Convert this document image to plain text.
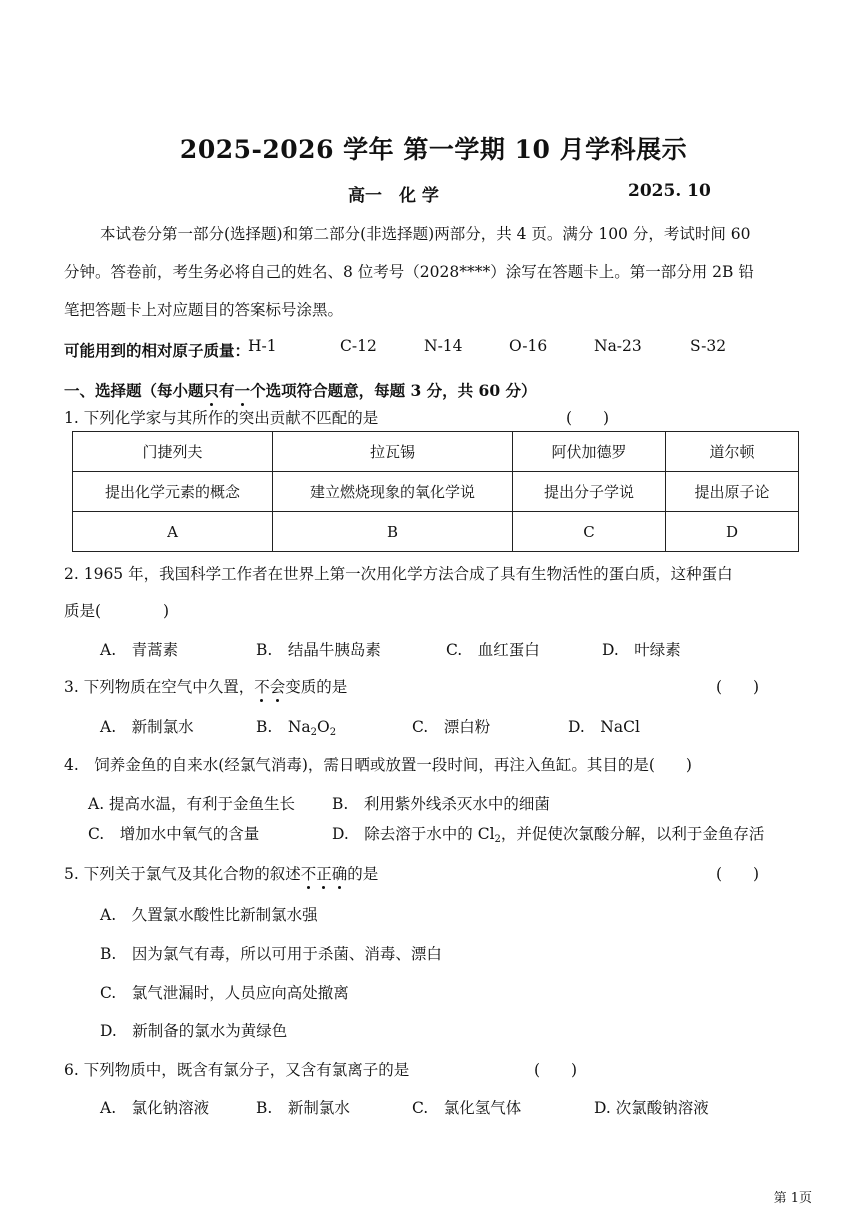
2025-2026 学年 第一学期 10 月学科展示
高一　化 学	2025. 10
本试卷分第一部分(选择题)和第二部分(非选择题)两部分，共 4 页。满分 100 分，考试时间 60
分钟。答卷前，考生务必将自己的姓名、8 位考号（2028****）涂写在答题卡上。第一部分用 2B 铅
笔把答题卡上对应题目的答案标号涂黑。
可能用到的相对原子质量：
H-1	C-12	N-14	O-16	Na-23	S-32
一、选择题（每小题只有一个选项符合题意，每题 3 分，共 60 分）
1. 下列化学家与其所作的突出贡献不匹配的是	(　　)
门捷列夫	拉瓦锡	阿伏加德罗	道尔顿
提出化学元素的概念	建立燃烧现象的氧化学说	提出分子学说	提出原子论
A	B	C	D
2. 1965 年，我国科学工作者在世界上第一次用化学方法合成了具有生物活性的蛋白质，这种蛋白
质是(　　　　)
A.　青蒿素	B.　结晶牛胰岛素	C.　血红蛋白	D.　叶绿素
3. 下列物质在空气中久置，不会变质的是	(　　)
A.　新制氯水	B.　$Na_2O_2$	C.　漂白粉	D.　NaCl
4.　饲养金鱼的自来水(经氯气消毒)，需日晒或放置一段时间，再注入鱼缸。其目的是(　　)
A. 提高水温，有利于金鱼生长 B.　利用紫外线杀灭水中的细菌
C.　增加水中氧气的含量	D.　除去溶于水中的 $Cl_2$，并促使次氯酸分解，以利于金鱼存活
5. 下列关于氯气及其化合物的叙述不正确的是	(　　)
A.　久置氯水酸性比新制氯水强
B.　因为氯气有毒，所以可用于杀菌、消毒、漂白
C.　氯气泄漏时，人员应向高处撤离
D.　新制备的氯水为黄绿色
6. 下列物质中，既含有氯分子，又含有氯离子的是	(　　)
A.　氯化钠溶液	B.　新制氯水	C.　氯化氢气体	D. 次氯酸钠溶液
第 1页
